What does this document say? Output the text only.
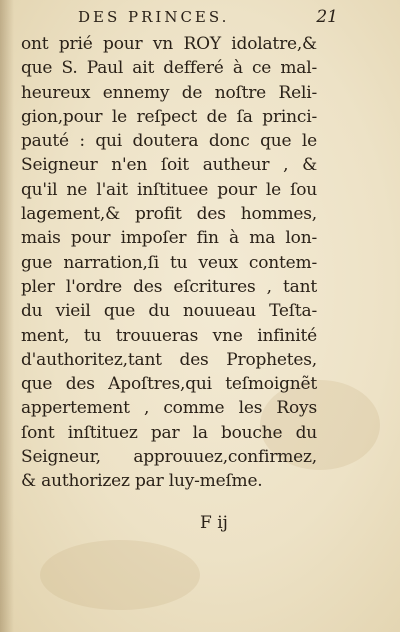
DES PRINCES.	21
ont prié pour vn ROY idolatre,&
que S. Paul ait defferé à ce mal-
heureux ennemy de noſtre Reli-
gion,pour le reſpect de ſa princi-
pauté : qui doutera donc que le
Seigneur n'en ſoit autheur , &
qu'il ne l'ait inſtituee pour le ſou
lagement,& profit des hommes,
mais pour impoſer fin à ma lon-
gue narration,ſi tu veux contem-
pler l'ordre des eſcritures , tant
du vieil que du nouueau Teſta-
ment, tu trouueras vne infinité
d'authoritez,tant des Prophetes,
que des Apoſtres,qui teſmoignẽt
appertement , comme les Roys
ſont inſtituez par la bouche du
Seigneur, approuuez,confirmez,
& authorizez par luy-meſme.
F ij
